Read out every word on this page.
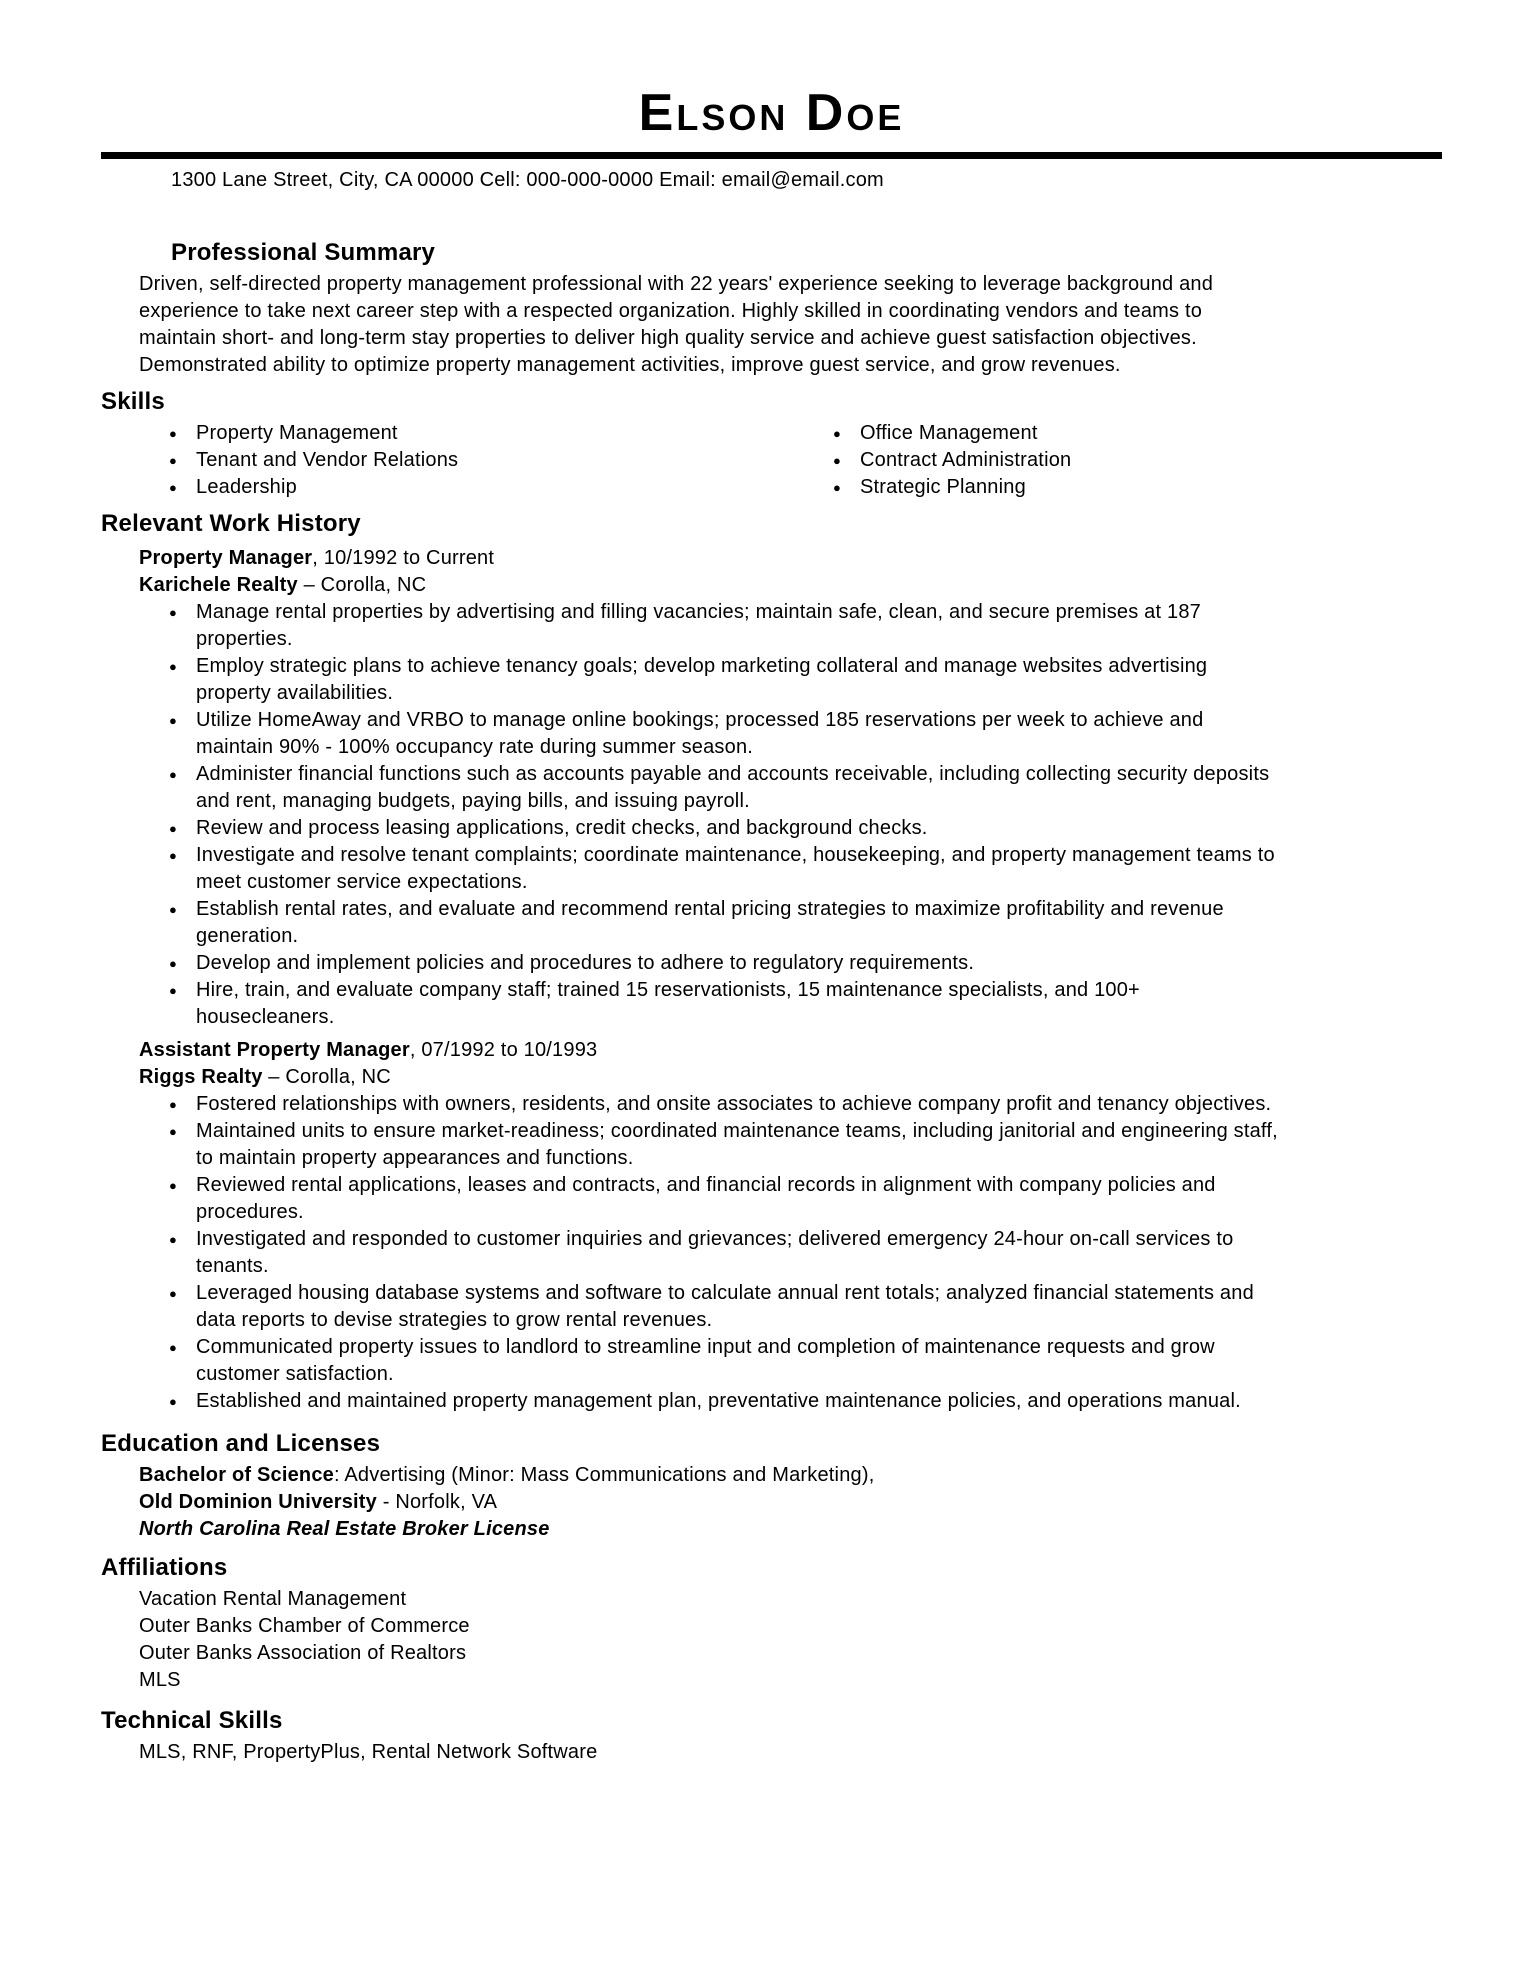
Elson Doe
1300 Lane Street, City, CA 00000 Cell: 000-000-0000 Email: email@email.com
Professional Summary

Driven, self-directed property management professional with 22 years' experience seeking to leverage background and experience to take next career step with a respected organization. Highly skilled in coordinating vendors and teams to maintain short- and long-term stay properties to deliver high quality service and achieve guest satisfaction objectives. Demonstrated ability to optimize property management activities, improve guest service, and grow revenues.

Skills
● Property Management
● Tenant and Vendor Relations
● Leadership
● Office Management
● Contract Administration
● Strategic Planning
Relevant Work History
Property Manager, 10/1992 to Current
Karichele Realty – Corolla, NC
● Manage rental properties by advertising and filling vacancies; maintain safe, clean, and secure premises at 187 properties.
● Employ strategic plans to achieve tenancy goals; develop marketing collateral and manage websites advertising property availabilities.
● Utilize HomeAway and VRBO to manage online bookings; processed 185 reservations per week to achieve and maintain 90% - 100% occupancy rate during summer season.
● Administer financial functions such as accounts payable and accounts receivable, including collecting security deposits and rent, managing budgets, paying bills, and issuing payroll.
● Review and process leasing applications, credit checks, and background checks.
● Investigate and resolve tenant complaints; coordinate maintenance, housekeeping, and property management teams to meet customer service expectations.
● Establish rental rates, and evaluate and recommend rental pricing strategies to maximize profitability and revenue generation.
● Develop and implement policies and procedures to adhere to regulatory requirements.
● Hire, train, and evaluate company staff; trained 15 reservationists, 15 maintenance specialists, and 100+ housecleaners.
Assistant Property Manager, 07/1992 to 10/1993
Riggs Realty – Corolla, NC
● Fostered relationships with owners, residents, and onsite associates to achieve company profit and tenancy objectives.
● Maintained units to ensure market-readiness; coordinated maintenance teams, including janitorial and engineering staff, to maintain property appearances and functions.
● Reviewed rental applications, leases and contracts, and financial records in alignment with company policies and procedures.
● Investigated and responded to customer inquiries and grievances; delivered emergency 24-hour on-call services to tenants.
● Leveraged housing database systems and software to calculate annual rent totals; analyzed financial statements and data reports to devise strategies to grow rental revenues.
● Communicated property issues to landlord to streamline input and completion of maintenance requests and grow customer satisfaction.
● Established and maintained property management plan, preventative maintenance policies, and operations manual.
Education and Licenses
Bachelor of Science: Advertising (Minor: Mass Communications and Marketing),
Old Dominion University - Norfolk, VA
North Carolina Real Estate Broker License
Affiliations
Vacation Rental Management
Outer Banks Chamber of Commerce
Outer Banks Association of Realtors
MLS
Technical Skills
MLS, RNF, PropertyPlus, Rental Network Software
